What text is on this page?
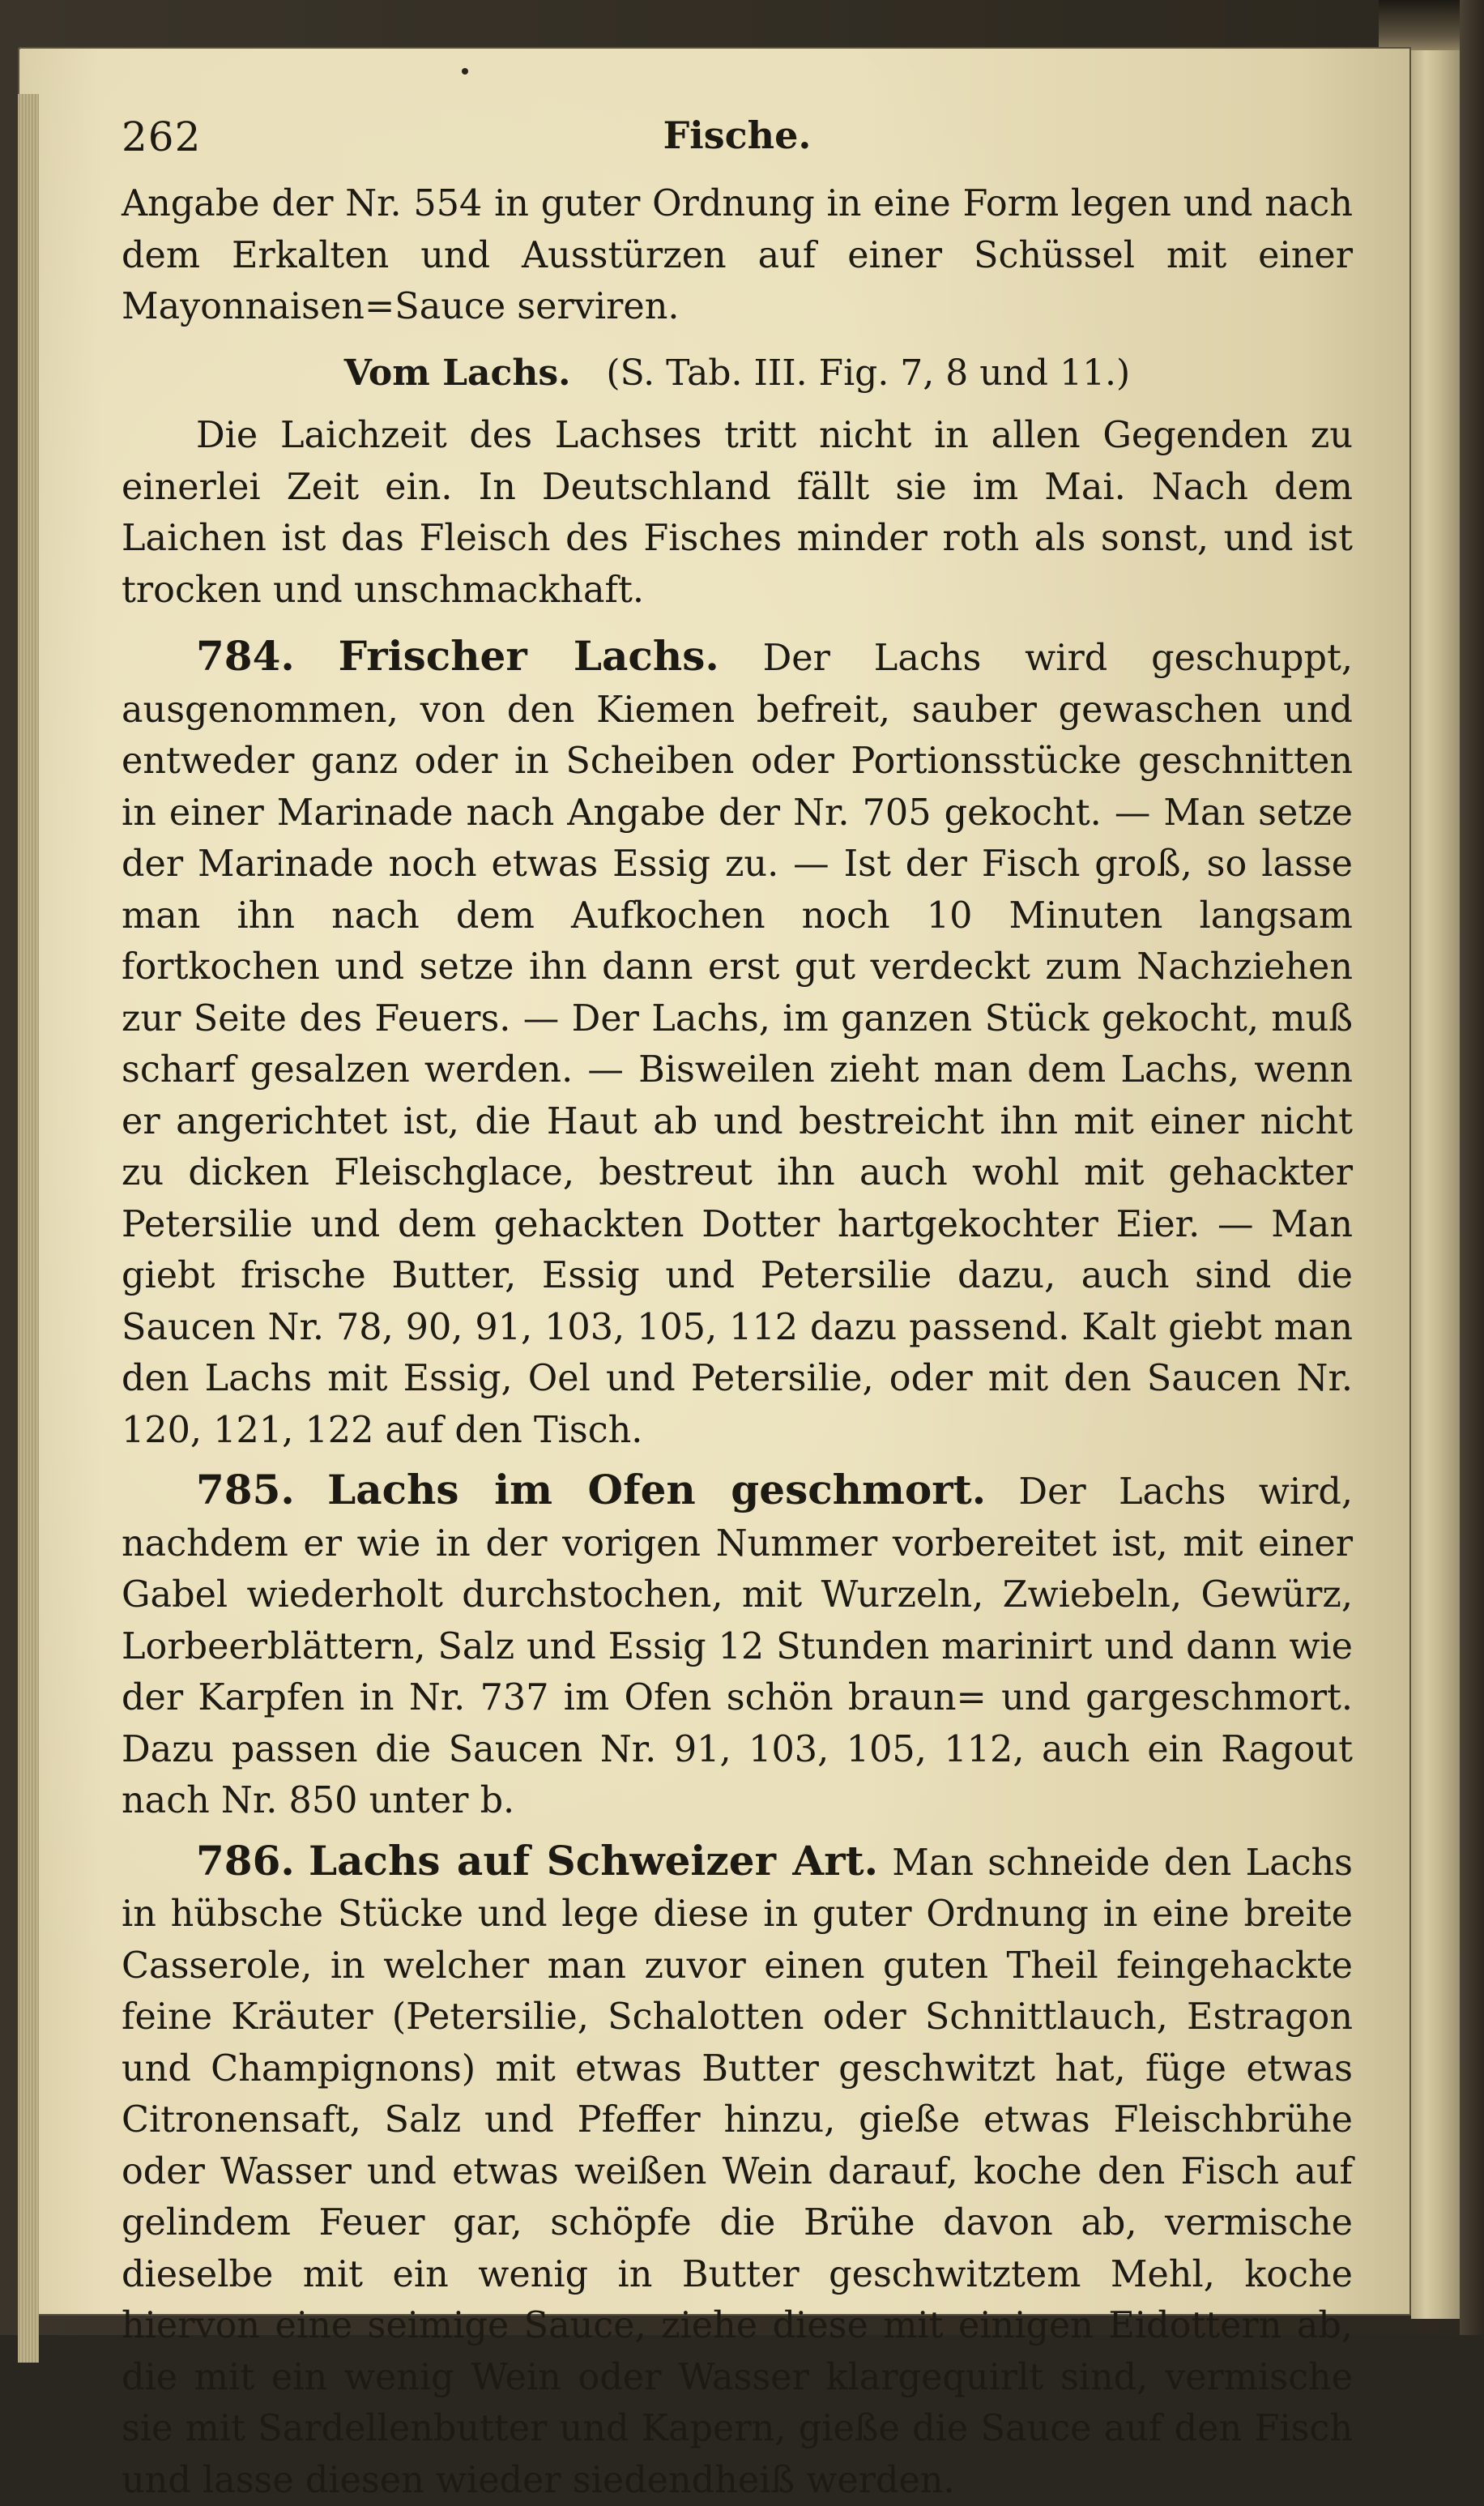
262	Fische.

Angabe der Nr. 554 in guter Ordnung in eine Form legen und nach dem Erkalten und Ausstürzen auf einer Schüssel mit einer Mayonnaisen=Sauce serviren.

Vom Lachs. (S. Tab. III. Fig. 7, 8 und 11.)

Die Laichzeit des Lachses tritt nicht in allen Gegenden zu einerlei Zeit ein. In Deutschland fällt sie im Mai. Nach dem Laichen ist das Fleisch des Fisches minder roth als sonst, und ist trocken und unschmackhaft.

784. Frischer Lachs. Der Lachs wird geschuppt, ausgenommen, von den Kiemen befreit, sauber gewaschen und entweder ganz oder in Scheiben oder Portionsstücke geschnitten in einer Marinade nach Angabe der Nr. 705 gekocht. — Man setze der Marinade noch etwas Essig zu. — Ist der Fisch groß, so lasse man ihn nach dem Aufkochen noch 10 Minuten langsam fortkochen und setze ihn dann erst gut verdeckt zum Nachziehen zur Seite des Feuers. — Der Lachs, im ganzen Stück gekocht, muß scharf gesalzen werden. — Bisweilen zieht man dem Lachs, wenn er angerichtet ist, die Haut ab und bestreicht ihn mit einer nicht zu dicken Fleischglace, bestreut ihn auch wohl mit gehackter Petersilie und dem gehackten Dotter hartgekochter Eier. — Man giebt frische Butter, Essig und Petersilie dazu, auch sind die Saucen Nr. 78, 90, 91, 103, 105, 112 dazu passend. Kalt giebt man den Lachs mit Essig, Oel und Petersilie, oder mit den Saucen Nr. 120, 121, 122 auf den Tisch.

785. Lachs im Ofen geschmort. Der Lachs wird, nachdem er wie in der vorigen Nummer vorbereitet ist, mit einer Gabel wiederholt durchstochen, mit Wurzeln, Zwiebeln, Gewürz, Lorbeerblättern, Salz und Essig 12 Stunden marinirt und dann wie der Karpfen in Nr. 737 im Ofen schön braun= und gargeschmort. Dazu passen die Saucen Nr. 91, 103, 105, 112, auch ein Ragout nach Nr. 850 unter b.

786. Lachs auf Schweizer Art. Man schneide den Lachs in hübsche Stücke und lege diese in guter Ordnung in eine breite Casserole, in welcher man zuvor einen guten Theil feingehackte feine Kräuter (Petersilie, Schalotten oder Schnittlauch, Estragon und Champignons) mit etwas Butter geschwitzt hat, füge etwas Citronensaft, Salz und Pfeffer hinzu, gieße etwas Fleischbrühe oder Wasser und etwas weißen Wein darauf, koche den Fisch auf gelindem Feuer gar, schöpfe die Brühe davon ab, vermische dieselbe mit ein wenig in Butter geschwitztem Mehl, koche hiervon eine seimige Sauce, ziehe diese mit einigen Eidottern ab, die mit ein wenig Wein oder Wasser klargequirlt sind, vermische sie mit Sardellenbutter und Kapern, gieße die Sauce auf den Fisch und lasse diesen wieder siedendheiß werden.
